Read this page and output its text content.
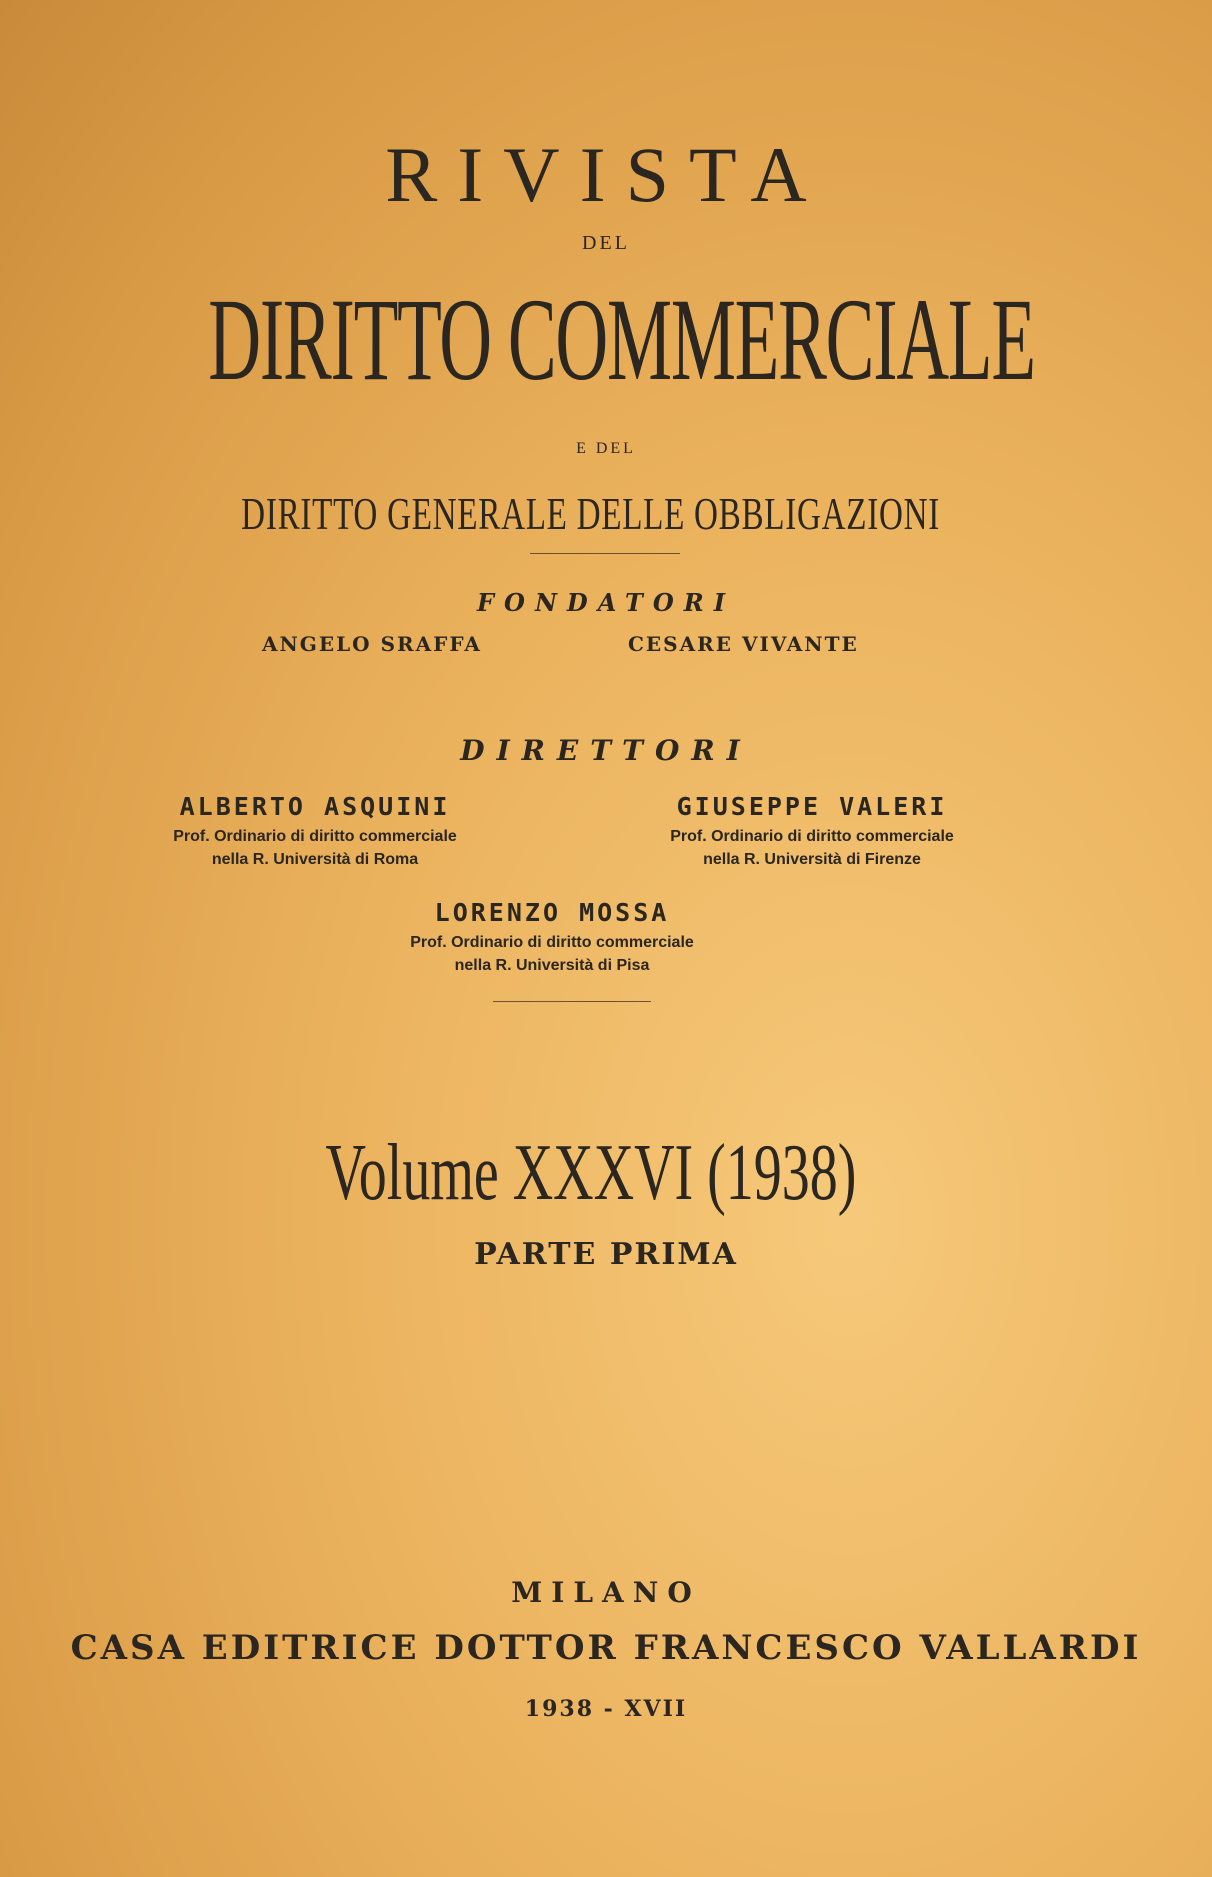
RIVISTA
DEL
DIRITTO COMMERCIALE
E DEL
DIRITTO GENERALE DELLE OBBLIGAZIONI
FONDATORI
ANGELO SRAFFA	CESARE VIVANTE
DIRETTORI
ALBERTO ASQUINI
Prof. Ordinario di diritto commerciale
nella R. Università di Roma
GIUSEPPE VALERI
Prof. Ordinario di diritto commerciale
nella R. Università di Firenze
LORENZO MOSSA
Prof. Ordinario di diritto commerciale
nella R. Università di Pisa
Volume XXXVI (1938)
PARTE PRIMA
MILANO
CASA EDITRICE DOTTOR FRANCESCO VALLARDI
1938 - XVII
